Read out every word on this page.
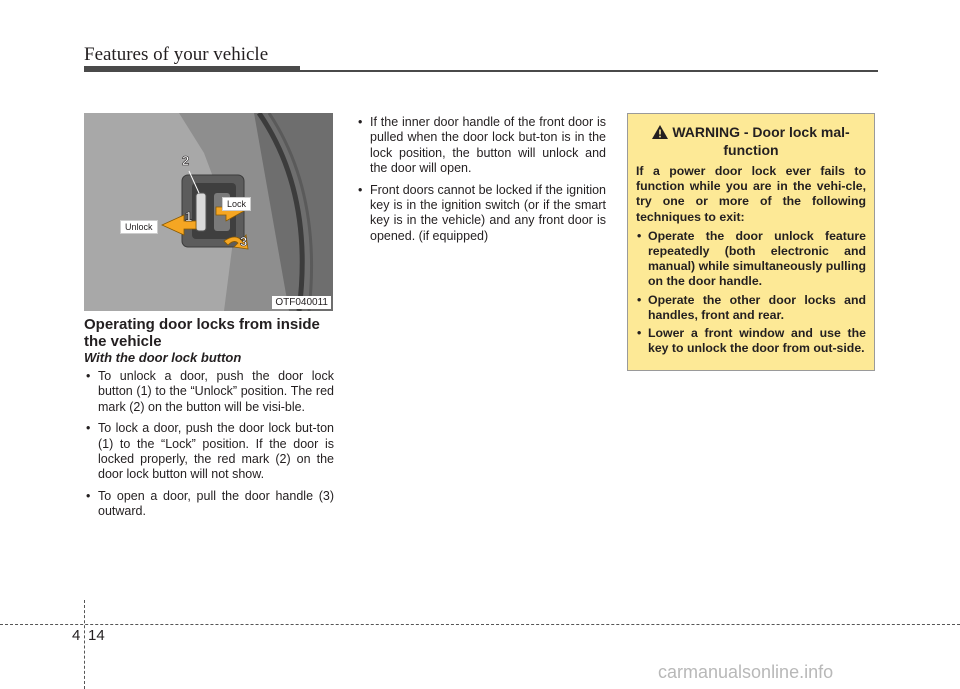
Features of your vehicle
2
1
3
Unlock
Lock
OTF040011
Operating door locks from inside the vehicle
With the door lock button
• To unlock a door, push the door lock button (1) to the “Unlock” position. The red mark (2) on the button will be visi-ble.
• To lock a door, push the door lock but-ton (1) to the “Lock” position. If the door is locked properly, the red mark (2) on the door lock button will not show.
• To open a door, pull the door handle (3) outward.
• If the inner door handle of the front door is pulled when the door lock but-ton is in the lock position, the button will unlock and the door will open.
• Front doors cannot be locked if the ignition key is in the ignition switch (or if the smart key is in the vehicle) and any front door is opened. (if equipped)
WARNING - Door lock mal-function

If a power door lock ever fails to function while you are in the vehi-cle, try one or more of the following techniques to exit:

• Operate the door unlock feature repeatedly (both electronic and manual) while simultaneously pulling on the door handle.
• Operate the other door locks and handles, front and rear.
• Lower a front window and use the key to unlock the door from out-side.
4 14
carmanualsonline.info
